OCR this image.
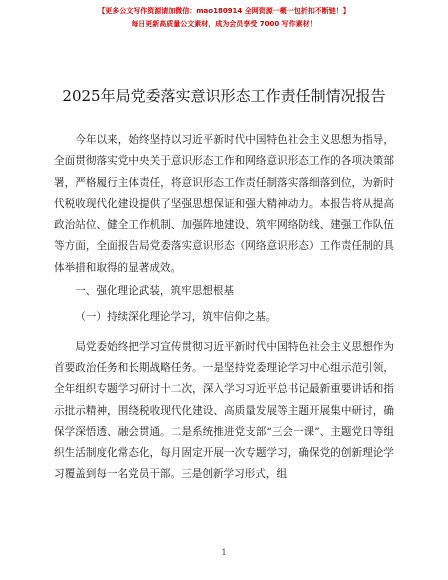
【更多公文写作资源请加微信：mao180914 全网资源一概一包折扣不断链！】
每日更新高质量公文素材，成为会员享受 7000 写作素材！
2025年局党委落实意识形态工作责任制情况报告

今年以来，始终坚持以习近平新时代中国特色社会主义思想为指导，全面贯彻落实党中央关于意识形态工作和网络意识形态工作的各项决策部署，严格履行主体责任，将意识形态工作责任制落实落细落到位，为新时代税收现代化建设提供了坚强思想保证和强大精神动力。本报告将从提高政治站位、健全工作机制、加强阵地建设、筑牢网络防线、建强工作队伍等方面，全面报告局党委落实意识形态（网络意识形态）工作责任制的具体举措和取得的显著成效。

一、强化理论武装，筑牢思想根基

（一）持续深化理论学习，筑牢信仰之基。

局党委始终把学习宣传贯彻习近平新时代中国特色社会主义思想作为首要政治任务和长期战略任务。一是坚持党委理论学习中心组示范引领，全年组织专题学习研讨十二次，深入学习习近平总书记最新重要讲话和指示批示精神，围绕税收现代化建设、高质量发展等主题开展集中研讨，确保学深悟透、融会贯通。二是系统推进党支部“三会一课”、主题党日等组织生活制度化常态化，每月固定开展一次专题学习，确保党的创新理论学习覆盖到每一名党员干部。三是创新学习形式，组

1
